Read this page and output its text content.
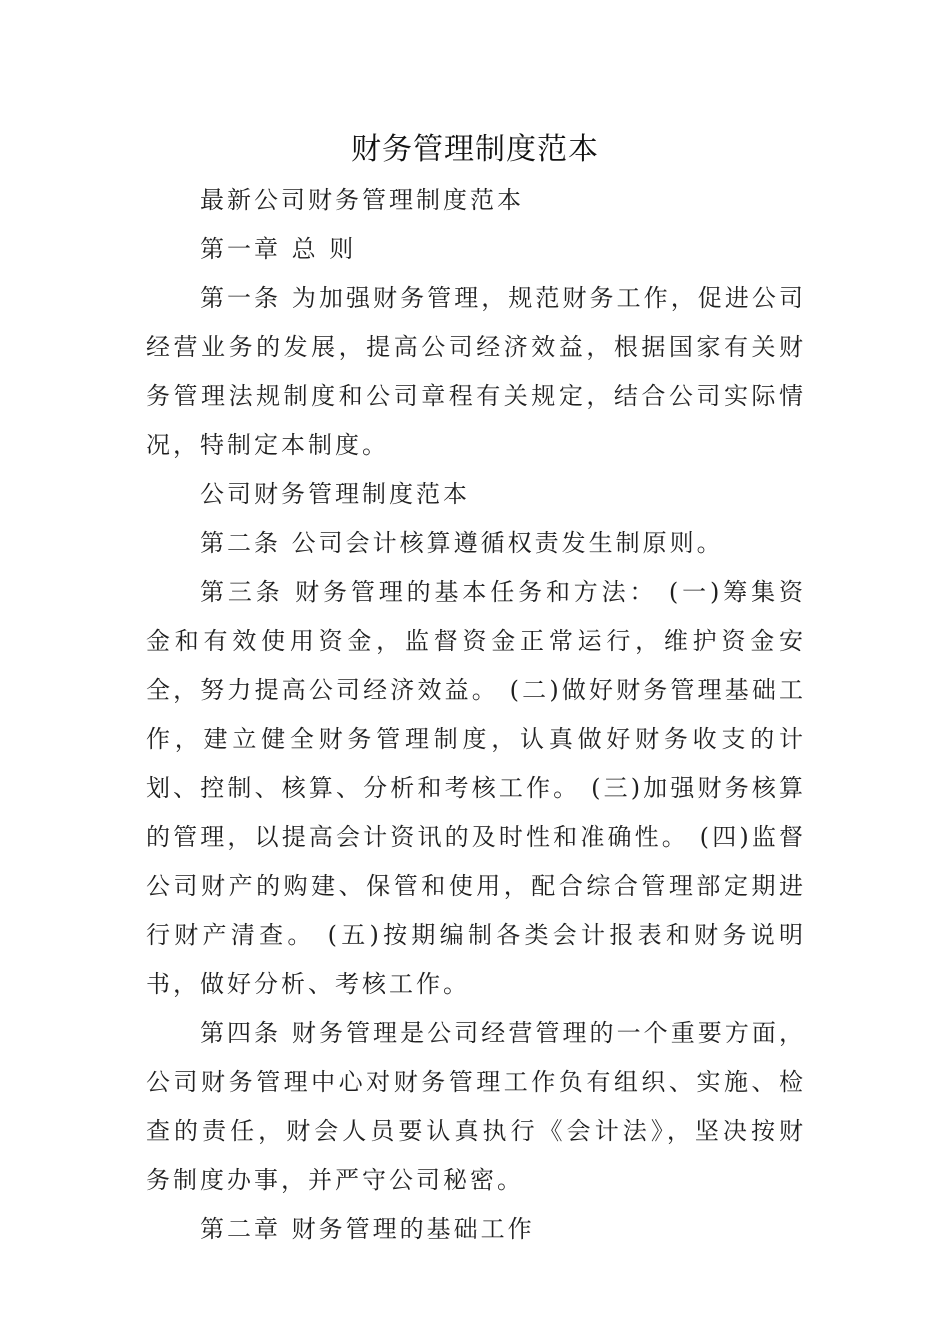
财务管理制度范本

最新公司财务管理制度范本

第一章 总 则

第一条 为加强财务管理，规范财务工作，促进公司经营业务的发展，提高公司经济效益，根据国家有关财务管理法规制度和公司章程有关规定，结合公司实际情况，特制定本制度。

公司财务管理制度范本

第二条 公司会计核算遵循权责发生制原则。

第三条 财务管理的基本任务和方法： (一)筹集资金和有效使用资金，监督资金正常运行，维护资金安全，努力提高公司经济效益。 (二)做好财务管理基础工作，建立健全财务管理制度，认真做好财务收支的计划、控制、核算、分析和考核工作。 (三)加强财务核算的管理，以提高会计资讯的及时性和准确性。 (四)监督公司财产的购建、保管和使用，配合综合管理部定期进行财产清查。 (五)按期编制各类会计报表和财务说明书，做好分析、考核工作。

第四条 财务管理是公司经营管理的一个重要方面，公司财务管理中心对财务管理工作负有组织、实施、检查的责任，财会人员要认真执行《会计法》，坚决按财务制度办事，并严守公司秘密。

第二章 财务管理的基础工作
